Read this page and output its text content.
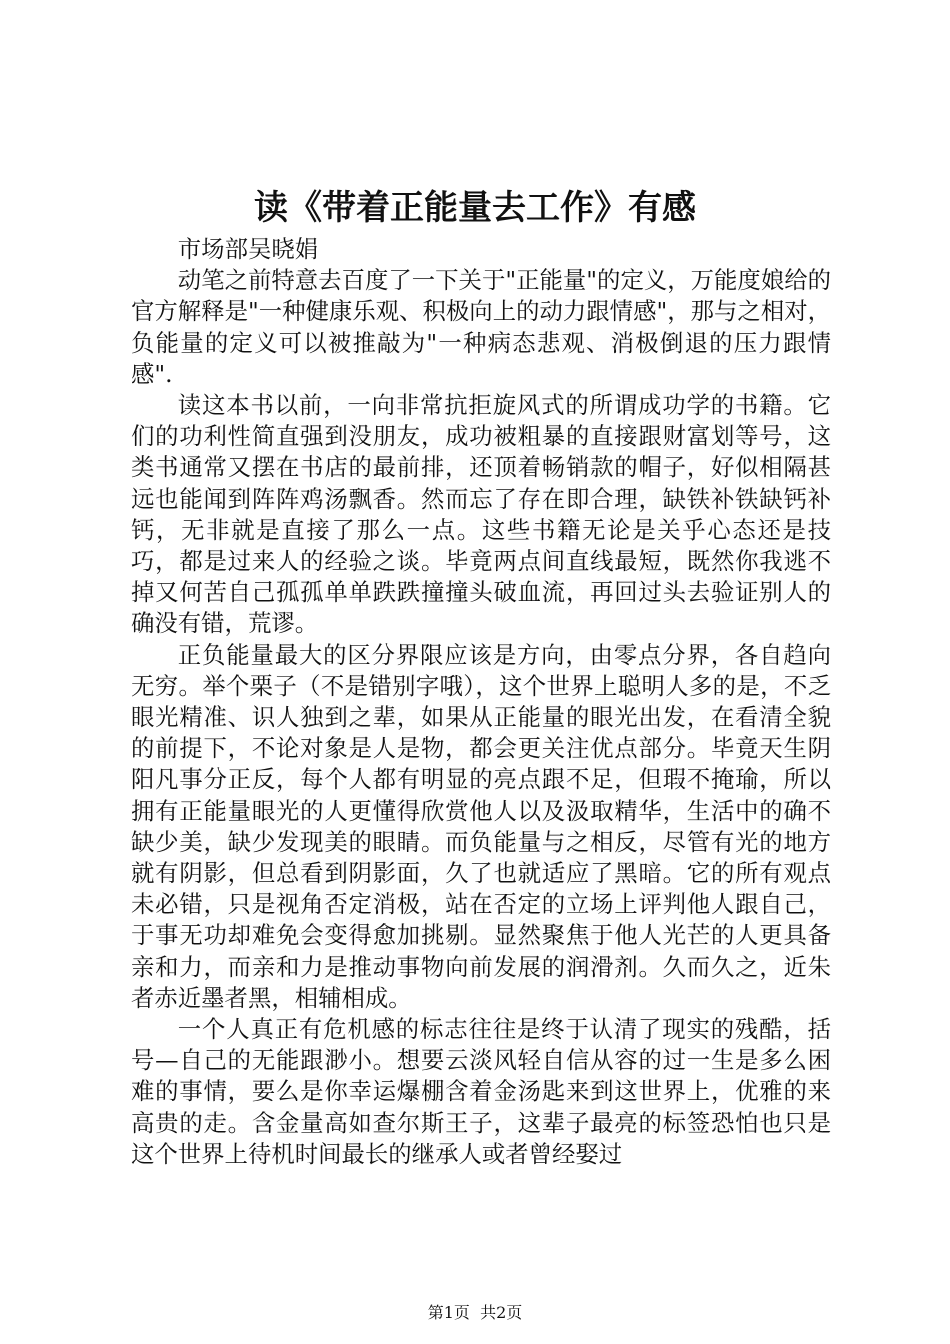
读《带着正能量去工作》有感

市场部吴晓娟

动笔之前特意去百度了一下关于"正能量"的定义，万能度娘给的官方解释是"一种健康乐观、积极向上的动力跟情感"，那与之相对，负能量的定义可以被推敲为"一种病态悲观、消极倒退的压力跟情感".

读这本书以前，一向非常抗拒旋风式的所谓成功学的书籍。它们的功利性简直强到没朋友，成功被粗暴的直接跟财富划等号，这类书通常又摆在书店的最前排，还顶着畅销款的帽子，好似相隔甚远也能闻到阵阵鸡汤飘香。然而忘了存在即合理，缺铁补铁缺钙补钙，无非就是直接了那么一点。这些书籍无论是关乎心态还是技巧，都是过来人的经验之谈。毕竟两点间直线最短，既然你我逃不掉又何苦自己孤孤单单跌跌撞撞头破血流，再回过头去验证别人的确没有错，荒谬。

正负能量最大的区分界限应该是方向，由零点分界，各自趋向无穷。举个栗子（不是错别字哦），这个世界上聪明人多的是，不乏眼光精准、识人独到之辈，如果从正能量的眼光出发，在看清全貌的前提下，不论对象是人是物，都会更关注优点部分。毕竟天生阴阳凡事分正反，每个人都有明显的亮点跟不足，但瑕不掩瑜，所以拥有正能量眼光的人更懂得欣赏他人以及汲取精华，生活中的确不缺少美，缺少发现美的眼睛。而负能量与之相反，尽管有光的地方就有阴影，但总看到阴影面，久了也就适应了黑暗。它的所有观点未必错，只是视角否定消极，站在否定的立场上评判他人跟自己，于事无功却难免会变得愈加挑剔。显然聚焦于他人光芒的人更具备亲和力，而亲和力是推动事物向前发展的润滑剂。久而久之，近朱者赤近墨者黑，相辅相成。

一个人真正有危机感的标志往往是终于认清了现实的残酷，括号—自己的无能跟渺小。想要云淡风轻自信从容的过一生是多么困难的事情，要么是你幸运爆棚含着金汤匙来到这世界上，优雅的来高贵的走。含金量高如查尔斯王子，这辈子最亮的标签恐怕也只是这个世界上待机时间最长的继承人或者曾经娶过

第1页  共2页
